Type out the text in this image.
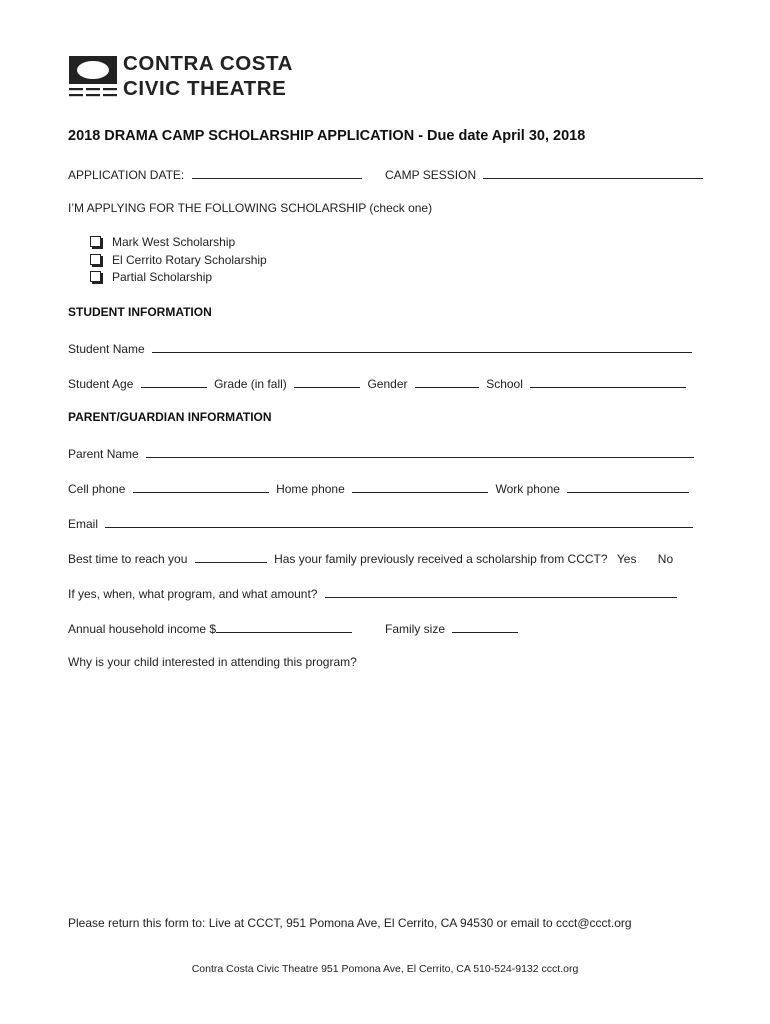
CONTRA COSTA
CIVIC THEATRE
2018 DRAMA CAMP SCHOLARSHIP APPLICATION - Due date April 30, 2018
APPLICATION DATE:	CAMP SESSION
I’M APPLYING FOR THE FOLLOWING SCHOLARSHIP (check one)
Mark West Scholarship
El Cerrito Rotary Scholarship
Partial Scholarship
STUDENT INFORMATION
Student Name
Student Age	Grade (in fall)	Gender	School
PARENT/GUARDIAN INFORMATION
Parent Name
Cell phone	Home phone	Work phone
Email
Best time to reach you	Has your family previously received a scholarship from CCCT? Yes No
If yes, when, what program, and what amount?
Annual household income $	Family size
Why is your child interested in attending this program?
Please return this form to: Live at CCCT, 951 Pomona Ave, El Cerrito, CA 94530 or email to ccct@ccct.org
Contra Costa Civic Theatre 951 Pomona Ave, El Cerrito, CA 510-524-9132 ccct.org
